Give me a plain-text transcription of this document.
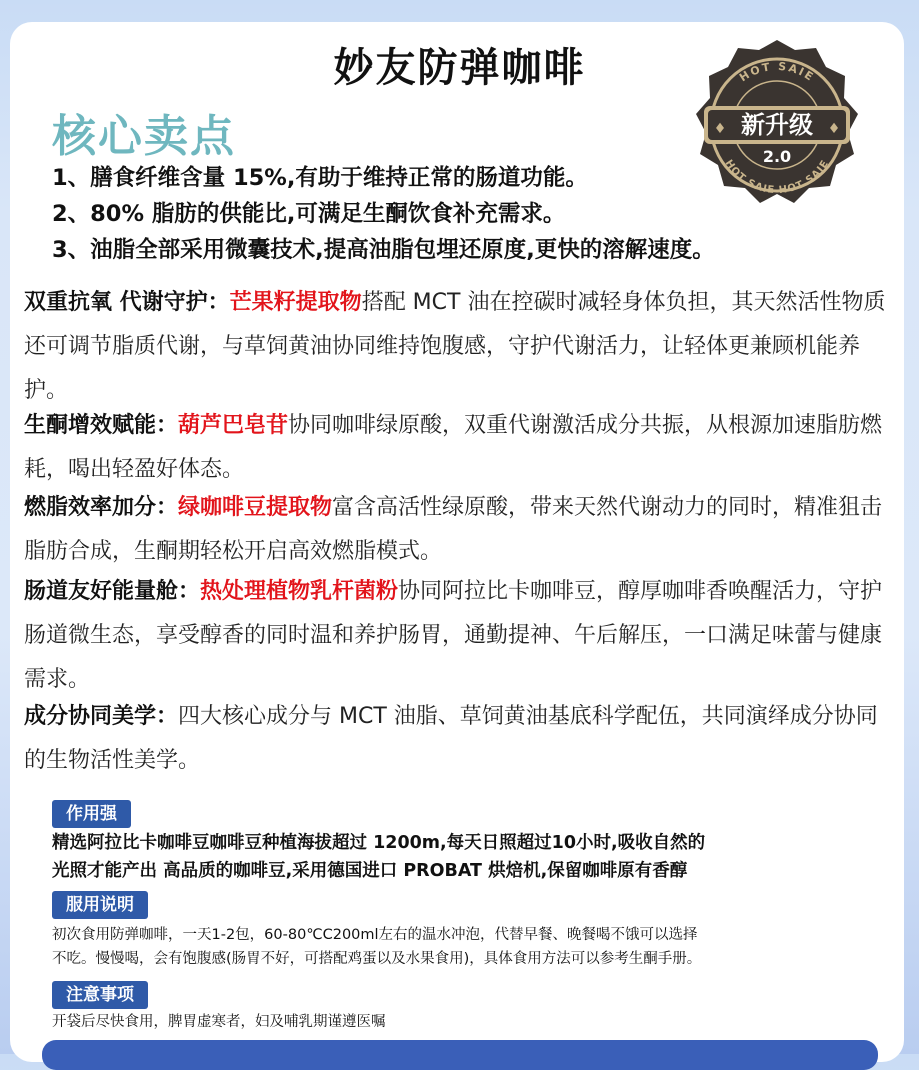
妙友防弹咖啡
核心卖点
1、膳食纤维含量 15%,有助于维持正常的肠道功能。
2、80% 脂肪的供能比,可满足生酮饮食补充需求。
3、油脂全部采用微囊技术,提高油脂包埋还原度,更快的溶解速度。
HOT SAIE
新升级
2.0
HOT SAIE HOT SAIE
♦	♦
双重抗氧 代谢守护：芒果籽提取物搭配 MCT 油在控碳时减轻身体负担，其天然活性物质还可调节脂质代谢，与草饲黄油协同维持饱腹感，守护代谢活力，让轻体更兼顾机能养护。
生酮增效赋能：葫芦巴皂苷协同咖啡绿原酸，双重代谢激活成分共振，从根源加速脂肪燃耗，喝出轻盈好体态。
燃脂效率加分：绿咖啡豆提取物富含高活性绿原酸，带来天然代谢动力的同时，精准狙击脂肪合成，生酮期轻松开启高效燃脂模式。
肠道友好能量舱：热处理植物乳杆菌粉协同阿拉比卡咖啡豆，醇厚咖啡香唤醒活力，守护肠道微生态，享受醇香的同时温和养护肠胃，通勤提神、午后解压，一口满足味蕾与健康需求。
成分协同美学：四大核心成分与 MCT 油脂、草饲黄油基底科学配伍，共同演绎成分协同的生物活性美学。
作用强
精选阿拉比卡咖啡豆咖啡豆种植海拔超过 1200m,每天日照超过10小时,吸收自然的
光照才能产出 高品质的咖啡豆,采用德国进口 PROBAT 烘焙机,保留咖啡原有香醇
服用说明
初次食用防弹咖啡，一天1-2包，60-80℃C200ml左右的温水冲泡，代替早餐、晚餐喝不饿可以选择
不吃。慢慢喝，会有饱腹感(肠胃不好，可搭配鸡蛋以及水果食用)，具体食用方法可以参考生酮手册。
注意事项
开袋后尽快食用，脾胃虚寒者，妇及哺乳期谨遵医嘱
